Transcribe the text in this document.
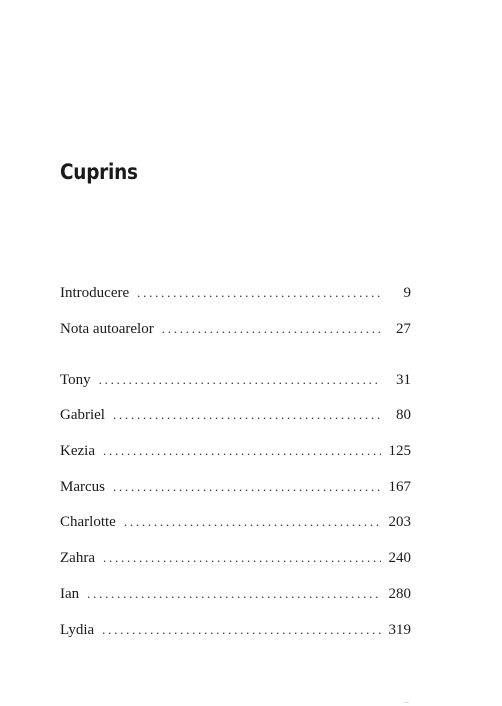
Cuprins
Introducere . . .	9
Nota autoarelor . . .	27
Tony . . .	31
Gabriel . . .	80
Kezia . . .	125
Marcus . . .	167
Charlotte . . .	203
Zahra . . .	240
Ian . . .	280
Lydia . . .	319
